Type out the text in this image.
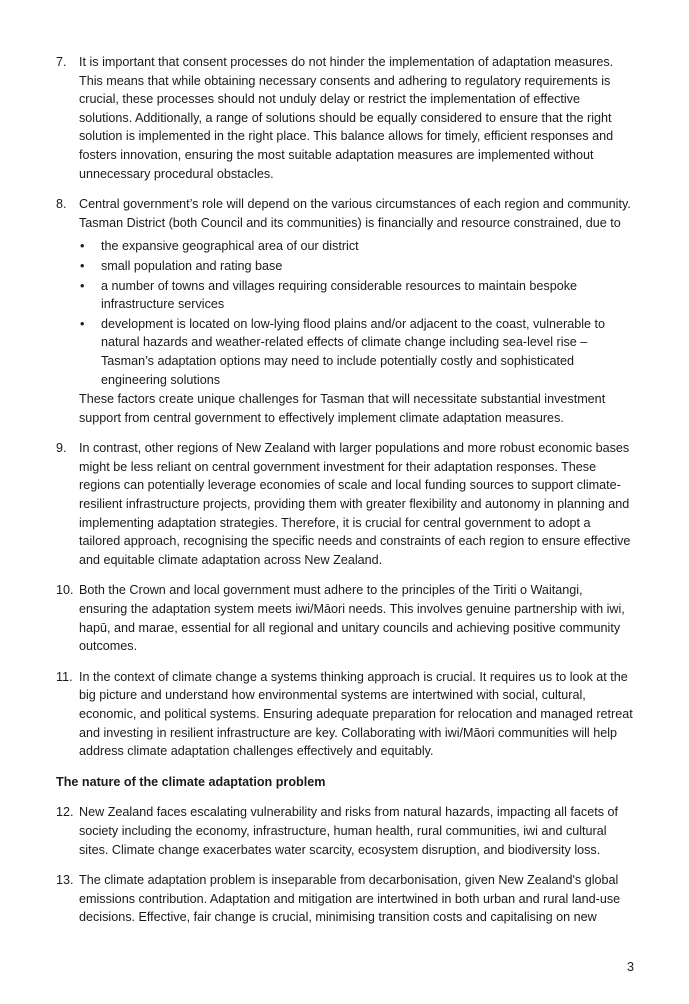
7. It is important that consent processes do not hinder the implementation of adaptation measures. This means that while obtaining necessary consents and adhering to regulatory requirements is crucial, these processes should not unduly delay or restrict the implementation of effective solutions. Additionally, a range of solutions should be equally considered to ensure that the right solution is implemented in the right place. This balance allows for timely, efficient responses and fosters innovation, ensuring the most suitable adaptation measures are implemented without unnecessary procedural obstacles.
8. Central government’s role will depend on the various circumstances of each region and community. Tasman District (both Council and its communities) is financially and resource constrained, due to
• the expansive geographical area of our district
• small population and rating base
• a number of towns and villages requiring considerable resources to maintain bespoke infrastructure services
• development is located on low-lying flood plains and/or adjacent to the coast, vulnerable to natural hazards and weather-related effects of climate change including sea-level rise – Tasman’s adaptation options may need to include potentially costly and sophisticated engineering solutions
These factors create unique challenges for Tasman that will necessitate substantial investment support from central government to effectively implement climate adaptation measures.
9. In contrast, other regions of New Zealand with larger populations and more robust economic bases might be less reliant on central government investment for their adaptation responses. These regions can potentially leverage economies of scale and local funding sources to support climate-resilient infrastructure projects, providing them with greater flexibility and autonomy in planning and implementing adaptation strategies. Therefore, it is crucial for central government to adopt a tailored approach, recognising the specific needs and constraints of each region to ensure effective and equitable climate adaptation across New Zealand.
10. Both the Crown and local government must adhere to the principles of the Tiriti o Waitangi, ensuring the adaptation system meets iwi/Māori needs. This involves genuine partnership with iwi, hapū, and marae, essential for all regional and unitary councils and achieving positive community outcomes.
11. In the context of climate change a systems thinking approach is crucial. It requires us to look at the big picture and understand how environmental systems are intertwined with social, cultural, economic, and political systems. Ensuring adequate preparation for relocation and managed retreat and investing in resilient infrastructure are key. Collaborating with iwi/Māori communities will help address climate adaptation challenges effectively and equitably.
The nature of the climate adaptation problem
12. New Zealand faces escalating vulnerability and risks from natural hazards, impacting all facets of society including the economy, infrastructure, human health, rural communities, iwi and cultural sites. Climate change exacerbates water scarcity, ecosystem disruption, and biodiversity loss.
13. The climate adaptation problem is inseparable from decarbonisation, given New Zealand's global emissions contribution. Adaptation and mitigation are intertwined in both urban and rural land-use decisions. Effective, fair change is crucial, minimising transition costs and capitalising on new
3
